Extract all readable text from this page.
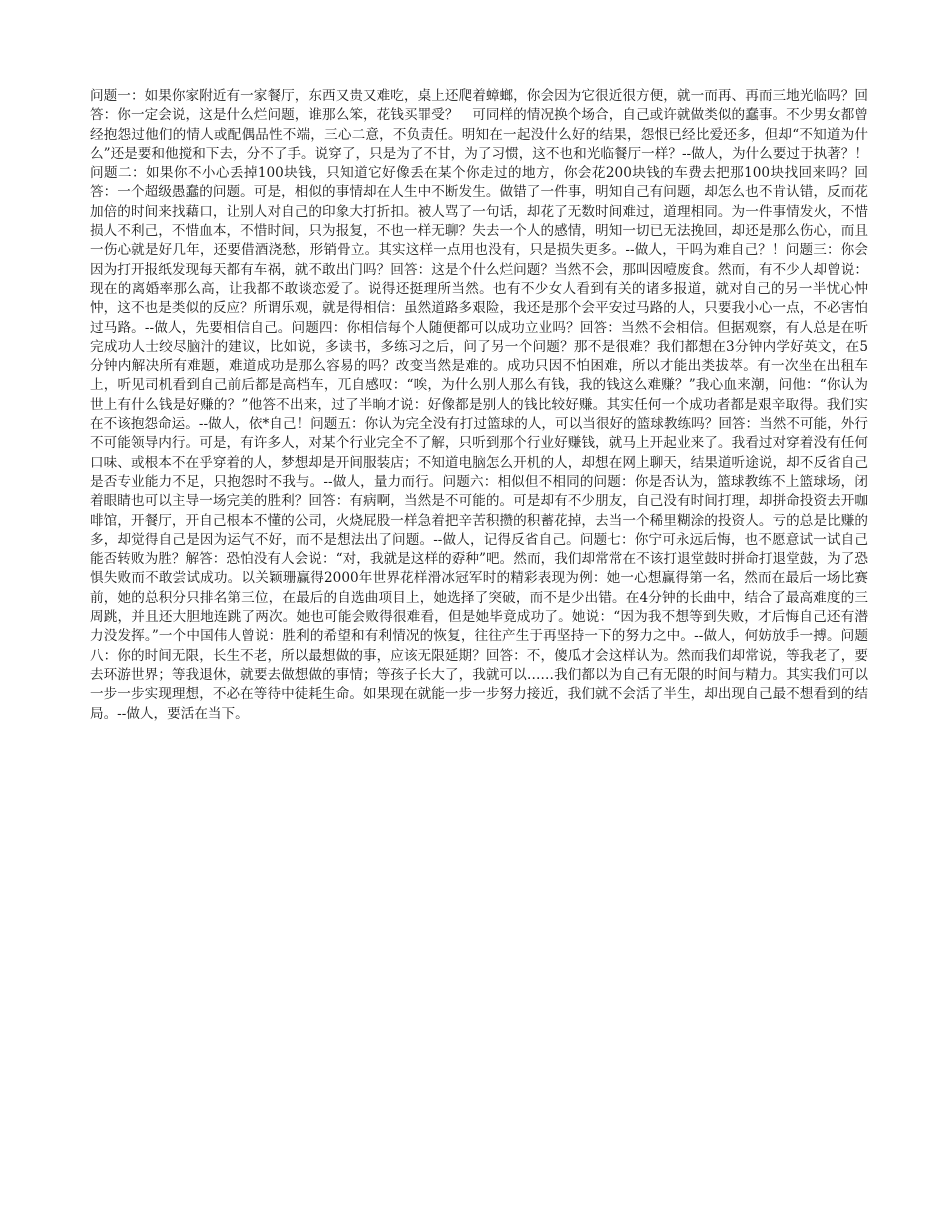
问题一：如果你家附近有一家餐厅，东西又贵又难吃，桌上还爬着蟑螂，你会因为它很近很方便，就一而再、再而三地光临吗？回答：你一定会说，这是什么烂问题，谁那么笨，花钱买罪受？　可同样的情况换个场合，自己或许就做类似的蠢事。不少男女都曾经抱怨过他们的情人或配偶品性不端，三心二意，不负责任。明知在一起没什么好的结果，怨恨已经比爱还多，但却“不知道为什么”还是要和他搅和下去，分不了手。说穿了，只是为了不甘，为了习惯，这不也和光临餐厅一样？--做人，为什么要过于执著？！问题二：如果你不小心丢掉100块钱，只知道它好像丢在某个你走过的地方，你会花200块钱的车费去把那100块找回来吗？回答：一个超级愚蠢的问题。可是，相似的事情却在人生中不断发生。做错了一件事，明知自己有问题，却怎么也不肯认错，反而花加倍的时间来找藉口，让别人对自己的印象大打折扣。被人骂了一句话，却花了无数时间难过，道理相同。为一件事情发火，不惜损人不利己，不惜血本，不惜时间，只为报复，不也一样无聊？失去一个人的感情，明知一切已无法挽回，却还是那么伤心，而且一伤心就是好几年，还要借酒浇愁，形销骨立。其实这样一点用也没有，只是损失更多。--做人，干吗为难自己？！问题三：你会因为打开报纸发现每天都有车祸，就不敢出门吗？回答：这是个什么烂问题？当然不会，那叫因噎废食。然而，有不少人却曾说：现在的离婚率那么高，让我都不敢谈恋爱了。说得还挺理所当然。也有不少女人看到有关的诸多报道，就对自己的另一半忧心忡忡，这不也是类似的反应？所谓乐观，就是得相信：虽然道路多艰险，我还是那个会平安过马路的人，只要我小心一点，不必害怕过马路。--做人，先要相信自己。问题四：你相信每个人随便都可以成功立业吗？回答：当然不会相信。但据观察，有人总是在听完成功人士绞尽脑汁的建议，比如说，多读书，多练习之后，问了另一个问题？那不是很难？我们都想在3分钟内学好英文，在5分钟内解决所有难题，难道成功是那么容易的吗？改变当然是难的。成功只因不怕困难，所以才能出类拔萃。有一次坐在出租车上，听见司机看到自己前后都是高档车，兀自感叹：“唉，为什么别人那么有钱，我的钱这么难赚？”我心血来潮，问他：“你认为世上有什么钱是好赚的？”他答不出来，过了半晌才说：好像都是别人的钱比较好赚。其实任何一个成功者都是艰辛取得。我们实在不该抱怨命运。--做人，依*自己！问题五：你认为完全没有打过篮球的人，可以当很好的篮球教练吗？回答：当然不可能，外行不可能领导内行。可是，有许多人，对某个行业完全不了解，只听到那个行业好赚钱，就马上开起业来了。我看过对穿着没有任何口味、或根本不在乎穿着的人，梦想却是开间服装店；不知道电脑怎么开机的人，却想在网上聊天，结果道听途说，却不反省自己是否专业能力不足，只抱怨时不我与。--做人，量力而行。问题六：相似但不相同的问题：你是否认为，篮球教练不上篮球场，闭着眼睛也可以主导一场完美的胜利？回答：有病啊，当然是不可能的。可是却有不少朋友，自己没有时间打理，却拼命投资去开咖啡馆，开餐厅，开自己根本不懂的公司，火烧屁股一样急着把辛苦积攒的积蓄花掉，去当一个稀里糊涂的投资人。亏的总是比赚的多，却觉得自己是因为运气不好，而不是想法出了问题。--做人，记得反省自己。问题七：你宁可永远后悔，也不愿意试一试自己能否转败为胜？解答：恐怕没有人会说：“对，我就是这样的孬种”吧。然而，我们却常常在不该打退堂鼓时拼命打退堂鼓，为了恐惧失败而不敢尝试成功。以关颖珊赢得2000年世界花样滑冰冠军时的精彩表现为例：她一心想赢得第一名，然而在最后一场比赛前，她的总积分只排名第三位，在最后的自选曲项目上，她选择了突破，而不是少出错。在4分钟的长曲中，结合了最高难度的三周跳，并且还大胆地连跳了两次。她也可能会败得很难看，但是她毕竟成功了。她说：“因为我不想等到失败，才后悔自己还有潜力没发挥。”一个中国伟人曾说：胜利的希望和有利情况的恢复，往往产生于再坚持一下的努力之中。--做人，何妨放手一搏。问题八：你的时间无限，长生不老，所以最想做的事，应该无限延期？回答：不，傻瓜才会这样认为。然而我们却常说，等我老了，要去环游世界；等我退休，就要去做想做的事情；等孩子长大了，我就可以……我们都以为自己有无限的时间与精力。其实我们可以一步一步实现理想，不必在等待中徒耗生命。如果现在就能一步一步努力接近，我们就不会活了半生，却出现自己最不想看到的结局。--做人，要活在当下。
